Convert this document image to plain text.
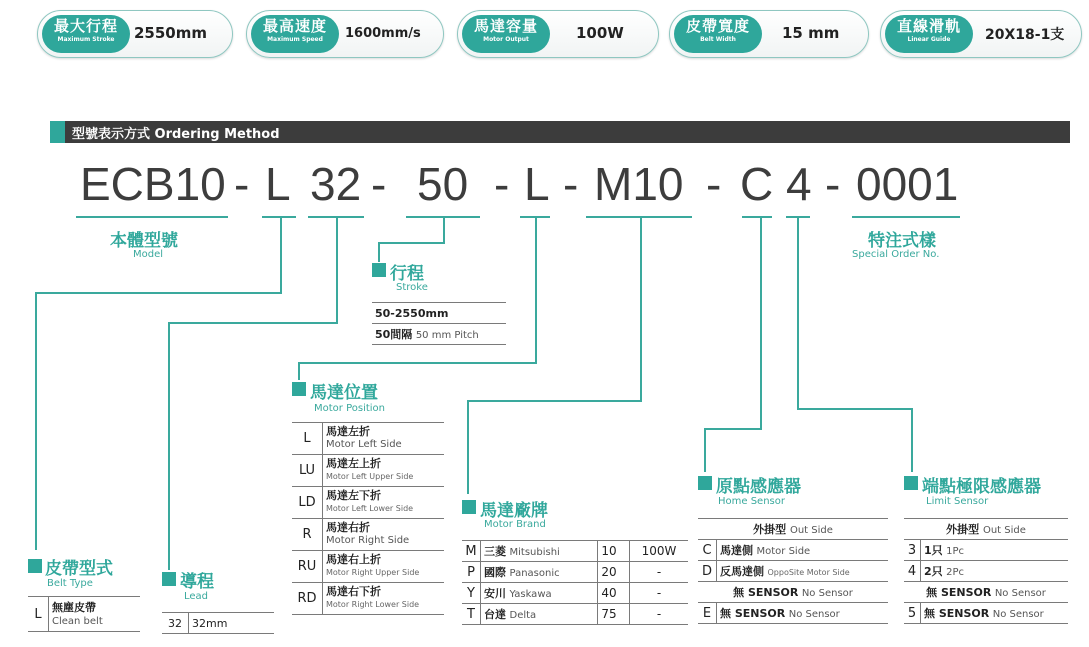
最大行程
Maximum Stroke	2550mm	最高速度
Maximum Speed	1600mm/s	馬達容量
Motor Output	100W	皮帶寬度
Belt Width	15 mm	直線滑軌
Linear Guide	20X18-1支
型號表示方式 Ordering Method
ECB10 - L 32 - 50 - L - M10 - C 4 - 0001
本體型號
Model
特注式樣
Special Order No.
行程
Stroke
50-2550mm
50間隔 50 mm Pitch
馬達位置
Motor Position
L	馬達左折
Motor Left Side
LU	馬達左上折
Motor Left Upper Side
LD	馬達左下折
Motor Left Lower Side
R	馬達右折
Motor Right Side
RU	馬達右上折
Motor Right Upper Side
RD	馬達右下折
Motor Right Lower Side
皮帶型式
Belt Type
L	無塵皮帶
Clean belt
導程
Lead
32	32mm
馬達廠牌
Motor Brand
M	三菱 Mitsubishi	10	100W
P	國際 Panasonic	20	-
Y	安川 Yaskawa	40	-
T	台達 Delta	75	-
原點感應器
Home Sensor
外掛型 Out Side	
C	馬達側 Motor Side
D	反馬達側 OppoSite Motor Side
無 SENSOR No Sensor	
E	無 SENSOR No Sensor
端點極限感應器
Limit Sensor
外掛型 Out Side	
3	1只 1Pc
4	2只 2Pc
無 SENSOR No Sensor	
5	無 SENSOR No Sensor
